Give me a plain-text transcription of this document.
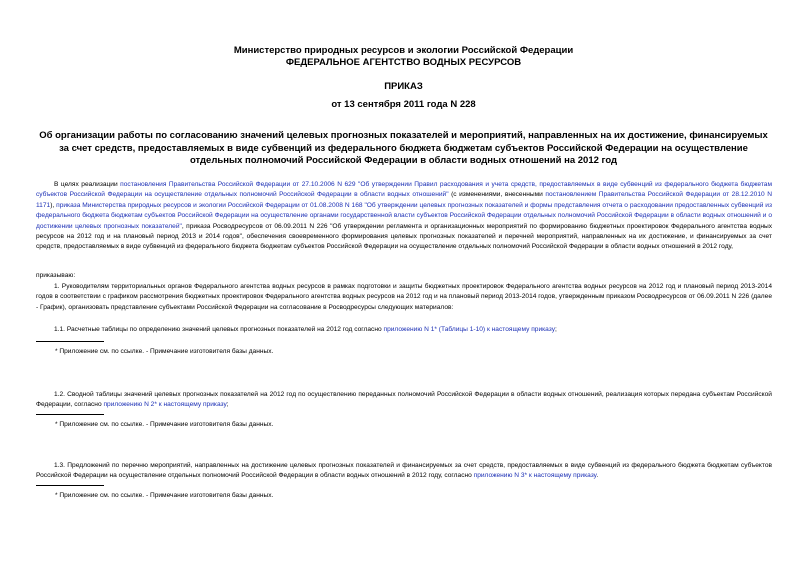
Министерство природных ресурсов и экологии Российской Федерации

ФЕДЕРАЛЬНОЕ АГЕНТСТВО ВОДНЫХ РЕСУРСОВ

ПРИКАЗ

от 13 сентября 2011 года N 228

Об организации работы по согласованию значений целевых прогнозных показателей и мероприятий, направленных на их достижение, финансируемых за счет средств, предоставляемых в виде субвенций из федерального бюджета бюджетам субъектов Российской Федерации на осуществление отдельных полномочий Российской Федерации в области водных отношений на 2012 год

В целях реализации постановления Правительства Российской Федерации от 27.10.2006 N 629 "Об утверждении Правил расходования и учета средств, предоставляемых в виде субвенций из федерального бюджета бюджетам субъектов Российской Федерации на осуществление отдельных полномочий Российской Федерации в области водных отношений" (с изменениями, внесенными постановлением Правительства Российской Федерации от 28.12.2010 N 1171), приказа Министерства природных ресурсов и экологии Российской Федерации от 01.08.2008 N 168 "Об утверждении целевых прогнозных показателей и формы представления отчета о расходовании предоставленных субвенций из федерального бюджета бюджетам субъектов Российской Федерации на осуществление органами государственной власти субъектов Российской Федерации отдельных полномочий Российской Федерации в области водных отношений и о достижении целевых прогнозных показателей", приказа Росводресурсов от 06.09.2011 N 226 "Об утверждении регламента и организационных мероприятий по формированию бюджетных проектировок Федерального агентства водных ресурсов на 2012 год и на плановый период 2013 и 2014 годов", обеспечения своевременного формирования целевых прогнозных показателей и перечней мероприятий, направленных на их достижение, и финансируемых за счет средств, предоставляемых в виде субвенций из федерального бюджета бюджетам субъектов Российской Федерации на осуществление отдельных полномочий Российской Федерации в области водных отношений в 2012 году,

приказываю:

1. Руководителям территориальных органов Федерального агентства водных ресурсов в рамках подготовки и защиты бюджетных проектировок Федерального агентства водных ресурсов на 2012 год и плановый период 2013-2014 годов в соответствии с графиком рассмотрения бюджетных проектировок Федерального агентства водных ресурсов на 2012 год и на плановый период 2013-2014 годов, утвержденным приказом Росводресурсов от 06.09.2011 N 226 (далее - График), организовать представление субъектами Российской Федерации на согласование в Росводресурсы следующих материалов:

1.1. Расчетные таблицы по определению значений целевых прогнозных показателей на 2012 год согласно приложению N 1* (Таблицы 1-10) к настоящему приказу;

* Приложение см. по ссылке. - Примечание изготовителя базы данных.

1.2. Сводной таблицы значений целевых прогнозных показателей на 2012 год по осуществлению переданных полномочий Российской Федерации в области водных отношений, реализация которых передана субъектам Российской Федерации, согласно приложению N 2* к настоящему приказу;

* Приложение см. по ссылке. - Примечание изготовителя базы данных.

1.3. Предложений по перечню мероприятий, направленных на достижение целевых прогнозных показателей и финансируемых за счет средств, предоставляемых в виде субвенций из федерального бюджета бюджетам субъектов Российской Федерации на осуществление отдельных полномочий Российской Федерации в области водных отношений в 2012 году, согласно приложению N 3* к настоящему приказу.

* Приложение см. по ссылке. - Примечание изготовителя базы данных.
